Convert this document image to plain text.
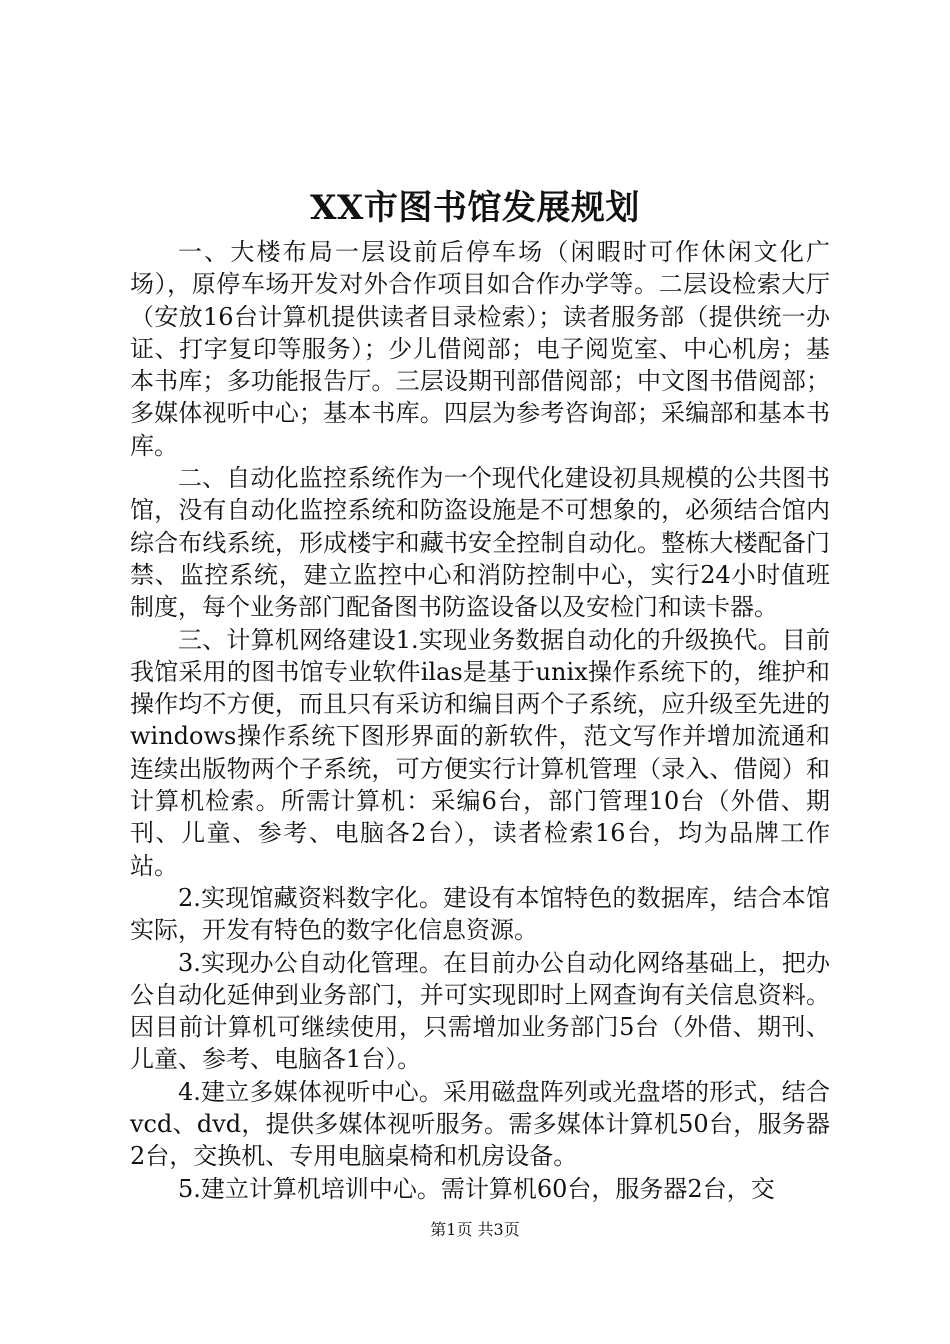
XX市图书馆发展规划

一、大楼布局一层设前后停车场（闲暇时可作休闲文化广场），原停车场开发对外合作项目如合作办学等。二层设检索大厅（安放16台计算机提供读者目录检索）；读者服务部（提供统一办证、打字复印等服务）；少儿借阅部；电子阅览室、中心机房；基本书库；多功能报告厅。三层设期刊部借阅部；中文图书借阅部；多媒体视听中心；基本书库。四层为参考咨询部；采编部和基本书库。

二、自动化监控系统作为一个现代化建设初具规模的公共图书馆，没有自动化监控系统和防盗设施是不可想象的，必须结合馆内综合布线系统，形成楼宇和藏书安全控制自动化。整栋大楼配备门禁、监控系统，建立监控中心和消防控制中心，实行24小时值班制度，每个业务部门配备图书防盗设备以及安检门和读卡器。

三、计算机网络建设1.实现业务数据自动化的升级换代。目前我馆采用的图书馆专业软件ilas是基于unix操作系统下的，维护和操作均不方便，而且只有采访和编目两个子系统，应升级至先进的windows操作系统下图形界面的新软件，范文写作并增加流通和连续出版物两个子系统，可方便实行计算机管理（录入、借阅）和计算机检索。所需计算机：采编6台，部门管理10台（外借、期刊、儿童、参考、电脑各2台），读者检索16台，均为品牌工作站。

2.实现馆藏资料数字化。建设有本馆特色的数据库，结合本馆实际，开发有特色的数字化信息资源。

3.实现办公自动化管理。在目前办公自动化网络基础上，把办公自动化延伸到业务部门，并可实现即时上网查询有关信息资料。因目前计算机可继续使用，只需增加业务部门5台（外借、期刊、儿童、参考、电脑各1台）。

4.建立多媒体视听中心。采用磁盘阵列或光盘塔的形式，结合vcd、dvd，提供多媒体视听服务。需多媒体计算机50台，服务器2台，交换机、专用电脑桌椅和机房设备。

5.建立计算机培训中心。需计算机60台，服务器2台，交

第1页 共3页
